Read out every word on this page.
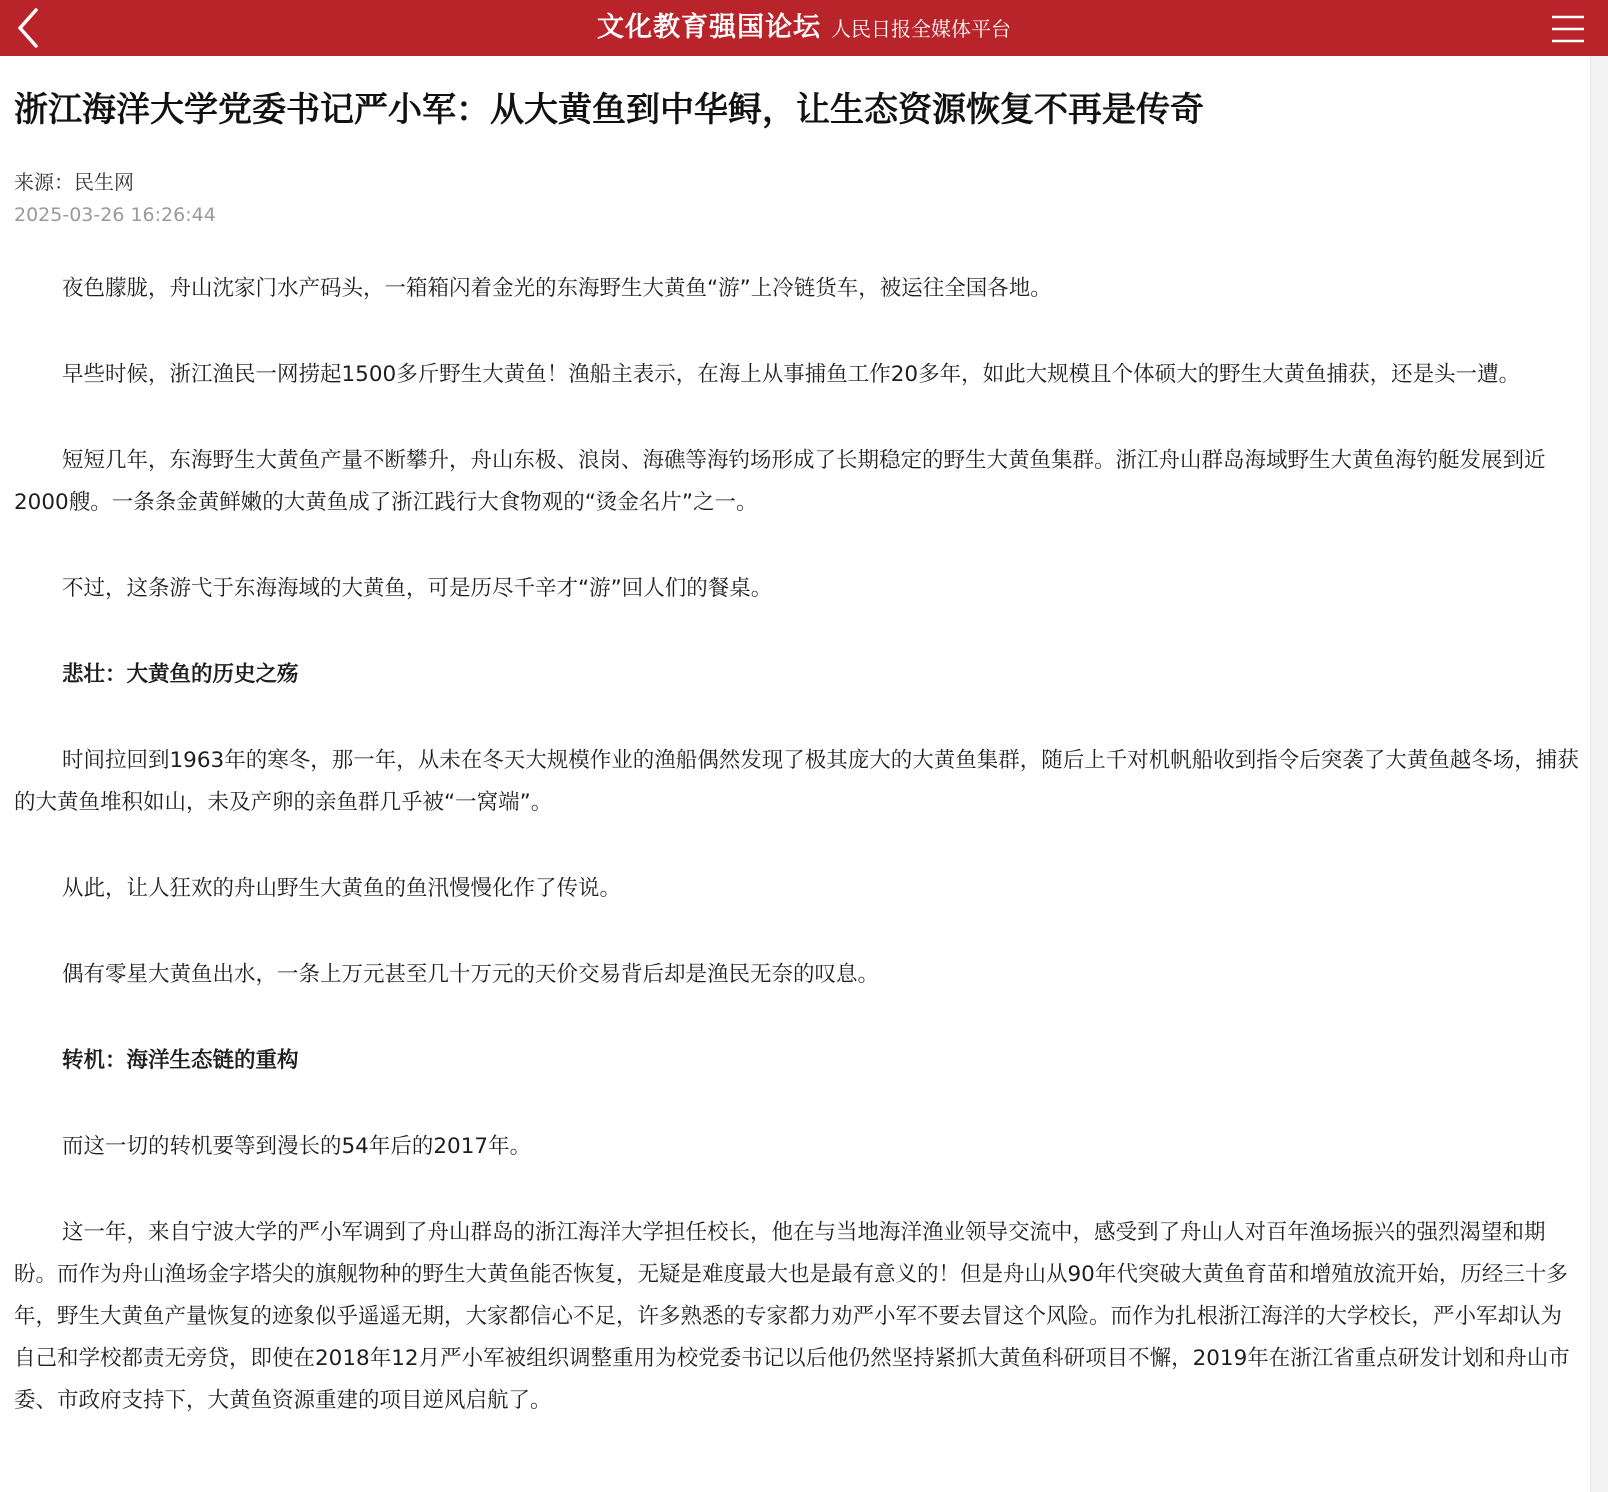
文化教育强国论坛 人民日报全媒体平台
浙江海洋大学党委书记严小军：从大黄鱼到中华鲟，让生态资源恢复不再是传奇
来源：民生网
2025-03-26 16:26:44

夜色朦胧，舟山沈家门水产码头，一箱箱闪着金光的东海野生大黄鱼“游”上冷链货车，被运往全国各地。

早些时候，浙江渔民一网捞起1500多斤野生大黄鱼！渔船主表示，在海上从事捕鱼工作20多年，如此大规模且个体硕大的野生大黄鱼捕获，还是头一遭。

短短几年，东海野生大黄鱼产量不断攀升，舟山东极、浪岗、海礁等海钓场形成了长期稳定的野生大黄鱼集群。浙江舟山群岛海域野生大黄鱼海钓艇发展到近2000艘。一条条金黄鲜嫩的大黄鱼成了浙江践行大食物观的“烫金名片”之一。

不过，这条游弋于东海海域的大黄鱼，可是历尽千辛才“游”回人们的餐桌。

悲壮：大黄鱼的历史之殇

时间拉回到1963年的寒冬，那一年，从未在冬天大规模作业的渔船偶然发现了极其庞大的大黄鱼集群，随后上千对机帆船收到指令后突袭了大黄鱼越冬场，捕获的大黄鱼堆积如山，未及产卵的亲鱼群几乎被“一窝端”。

从此，让人狂欢的舟山野生大黄鱼的鱼汛慢慢化作了传说。

偶有零星大黄鱼出水，一条上万元甚至几十万元的天价交易背后却是渔民无奈的叹息。

转机：海洋生态链的重构

而这一切的转机要等到漫长的54年后的2017年。

这一年，来自宁波大学的严小军调到了舟山群岛的浙江海洋大学担任校长，他在与当地海洋渔业领导交流中，感受到了舟山人对百年渔场振兴的强烈渴望和期盼。而作为舟山渔场金字塔尖的旗舰物种的野生大黄鱼能否恢复，无疑是难度最大也是最有意义的！但是舟山从90年代突破大黄鱼育苗和增殖放流开始，历经三十多年，野生大黄鱼产量恢复的迹象似乎遥遥无期，大家都信心不足，许多熟悉的专家都力劝严小军不要去冒这个风险。而作为扎根浙江海洋的大学校长，严小军却认为自己和学校都责无旁贷，即使在2018年12月严小军被组织调整重用为校党委书记以后他仍然坚持紧抓大黄鱼科研项目不懈，2019年在浙江省重点研发计划和舟山市委、市政府支持下，大黄鱼资源重建的项目逆风启航了。
